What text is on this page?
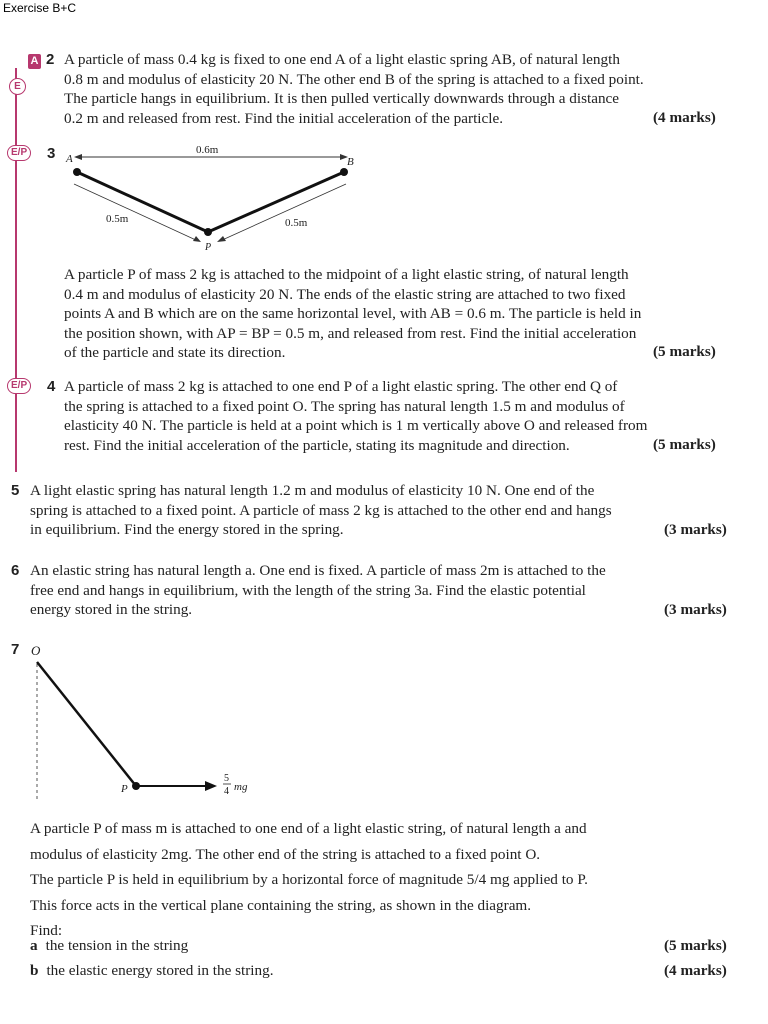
Exercise B+C
A
E
2 A particle of mass 0.4 kg is fixed to one end A of a light elastic spring AB, of natural length
0.8 m and modulus of elasticity 20 N. The other end B of the spring is attached to a fixed point.
The particle hangs in equilibrium. It is then pulled vertically downwards through a distance
0.2 m and released from rest. Find the initial acceleration of the particle.	(4 marks)
E/P 3 A	B
0.6m
0.5m	0.5m
P
A particle P of mass 2 kg is attached to the midpoint of a light elastic string, of natural length
0.4 m and modulus of elasticity 20 N. The ends of the elastic string are attached to two fixed
points A and B which are on the same horizontal level, with AB = 0.6 m. The particle is held in
the position shown, with AP = BP = 0.5 m, and released from rest. Find the initial acceleration
of the particle and state its direction.	(5 marks)
E/P 4 A particle of mass 2 kg is attached to one end P of a light elastic spring. The other end Q of
the spring is attached to a fixed point O. The spring has natural length 1.5 m and modulus of
elasticity 40 N. The particle is held at a point which is 1 m vertically above O and released from
rest. Find the initial acceleration of the particle, stating its magnitude and direction.	(5 marks)
5 A light elastic spring has natural length 1.2 m and modulus of elasticity 10 N. One end of the
spring is attached to a fixed point. A particle of mass 2 kg is attached to the other end and hangs
in equilibrium. Find the energy stored in the spring.	(3 marks)
6 An elastic string has natural length a. One end is fixed. A particle of mass 2m is attached to the
free end and hangs in equilibrium, with the length of the string 3a. Find the elastic potential
energy stored in the string.	(3 marks)
7 O
P
5
4 mg
A particle P of mass m is attached to one end of a light elastic string, of natural length a and
modulus of elasticity 2mg. The other end of the string is attached to a fixed point O.
The particle P is held in equilibrium by a horizontal force of magnitude 5/4 mg applied to P.
This force acts in the vertical plane containing the string, as shown in the diagram.
Find:
a the tension in the string	(5 marks)
b the elastic energy stored in the string.	(4 marks)
